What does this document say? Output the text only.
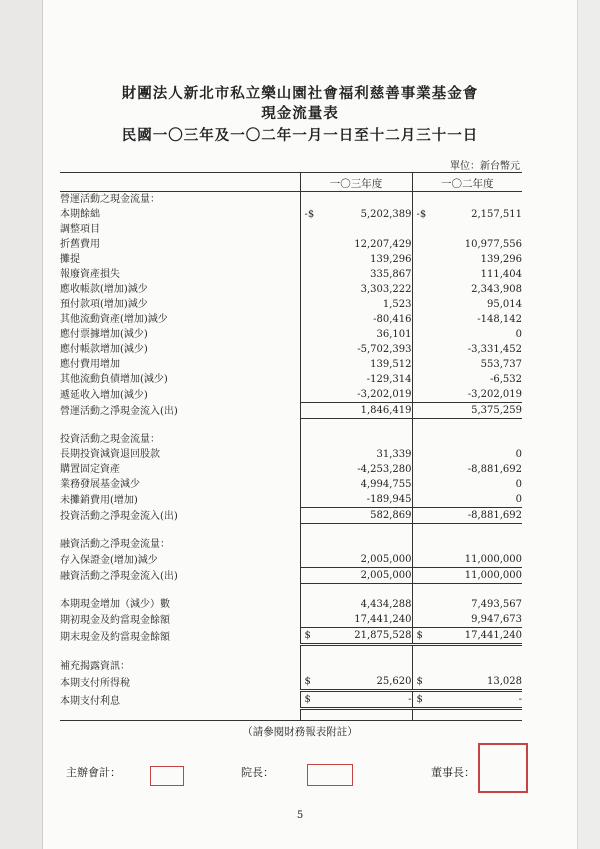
財團法人新北市私立樂山園社會福利慈善事業基金會
現金流量表
民國一〇三年及一〇二年一月一日至十二月三十一日
單位：新台幣元
	一〇三年度	一〇二年度
營運活動之現金流量：		
本期餘絀	-$ 5,202,389	-$ 2,157,511
調整項目		
折舊費用	12,207,429	10,977,556
攤提	139,296	139,296
報廢資產損失	335,867	111,404
應收帳款(增加)減少	3,303,222	2,343,908
預付款項(增加)減少	1,523	95,014
其他流動資產(增加)減少	-80,416	-148,142
應付票據增加(減少)	36,101	0
應付帳款增加(減少)	-5,702,393	-3,331,452
應付費用增加	139,512	553,737
其他流動負債增加(減少)	-129,314	-6,532
遞延收入增加(減少)	-3,202,019	-3,202,019
營運活動之淨現金流入(出)	1,846,419	5,375,259

投資活動之現金流量：		
長期投資減資退回股款	31,339	0
購置固定資產	-4,253,280	-8,881,692
業務發展基金減少	4,994,755	0
未攤銷費用(增加)	-189,945	0
投資活動之淨現金流入(出)	582,869	-8,881,692

融資活動之淨現金流量：		
存入保證金(增加)減少	2,005,000	11,000,000
融資活動之淨現金流入(出)	2,005,000	11,000,000

本期現金增加（減少）數	4,434,288	7,493,567
期初現金及約當現金餘額	17,441,240	9,947,673
期末現金及約當現金餘額	$ 21,875,528	$ 17,441,240

補充揭露資訊：		
本期支付所得稅	$ 25,620	$ 13,028
本期支付利息	$ -	$ -

（請參閱財務報表附註）
主辦會計：	院長：	董事長：
5
